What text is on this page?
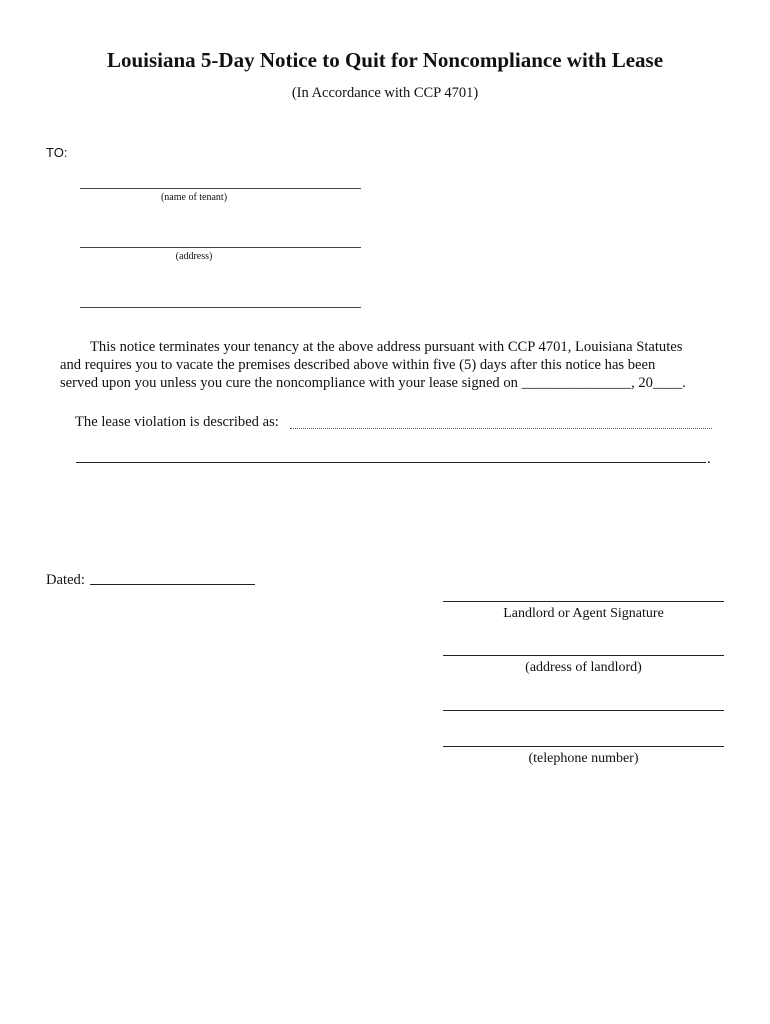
Louisiana 5-Day Notice to Quit for Noncompliance with Lease
(In Accordance with CCP 4701)
TO:
(name of tenant)
(address)
This notice terminates your tenancy at the above address pursuant with CCP 4701, Louisiana Statutes
and requires you to vacate the premises described above within five (5) days after this notice has been
served upon you unless you cure the noncompliance with your lease signed on _______________, 20____.
The lease violation is described as:
.
Dated:
Landlord or Agent Signature
(address of landlord)
(telephone number)
